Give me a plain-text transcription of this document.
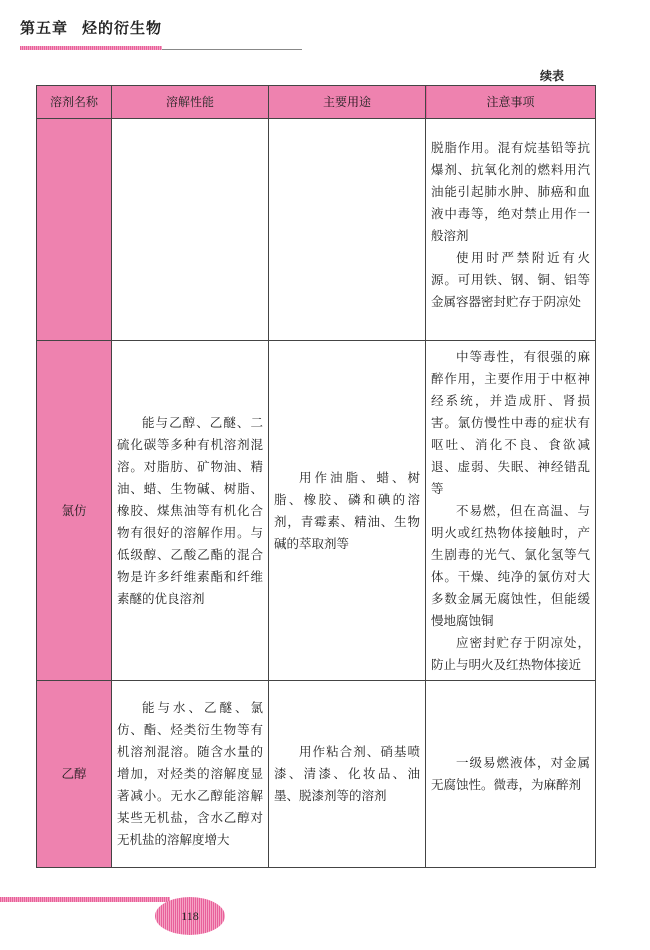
第五章 烃的衍生物
续表
溶剂名称	溶解性能	主要用途	注意事项

			脱脂作用。混有烷基铅等抗爆剂、抗氧化剂的燃料用汽油能引起肺水肿、肺癌和血液中毒等，绝对禁止用作一般溶剂

使用时严禁附近有火源。可用铁、钢、铜、铝等金属容器密封贮存于阴凉处

氯仿	能与乙醇、乙醚、二硫化碳等多种有机溶剂混溶。对脂肪、矿物油、精油、蜡、生物碱、树脂、橡胶、煤焦油等有机化合物有很好的溶解作用。与低级醇、乙酸乙酯的混合物是许多纤维素酯和纤维素醚的优良溶剂	用作油脂、蜡、树脂、橡胶、磷和碘的溶剂，青霉素、精油、生物碱的萃取剂等	中等毒性，有很强的麻醉作用，主要作用于中枢神经系统，并造成肝、肾损害。氯仿慢性中毒的症状有呕吐、消化不良、食欲减退、虚弱、失眠、神经错乱等

不易燃，但在高温、与明火或红热物体接触时，产生剧毒的光气、氯化氢等气体。干燥、纯净的氯仿对大多数金属无腐蚀性，但能缓慢地腐蚀铜

应密封贮存于阴凉处，防止与明火及红热物体接近

乙醇	能与水、乙醚、氯仿、酯、烃类衍生物等有机溶剂混溶。随含水量的增加，对烃类的溶解度显著减小。无水乙醇能溶解某些无机盐，含水乙醇对无机盐的溶解度增大	用作粘合剂、硝基喷漆、清漆、化妆品、油墨、脱漆剂等的溶剂	一级易燃液体，对金属无腐蚀性。微毒，为麻醉剂

118
